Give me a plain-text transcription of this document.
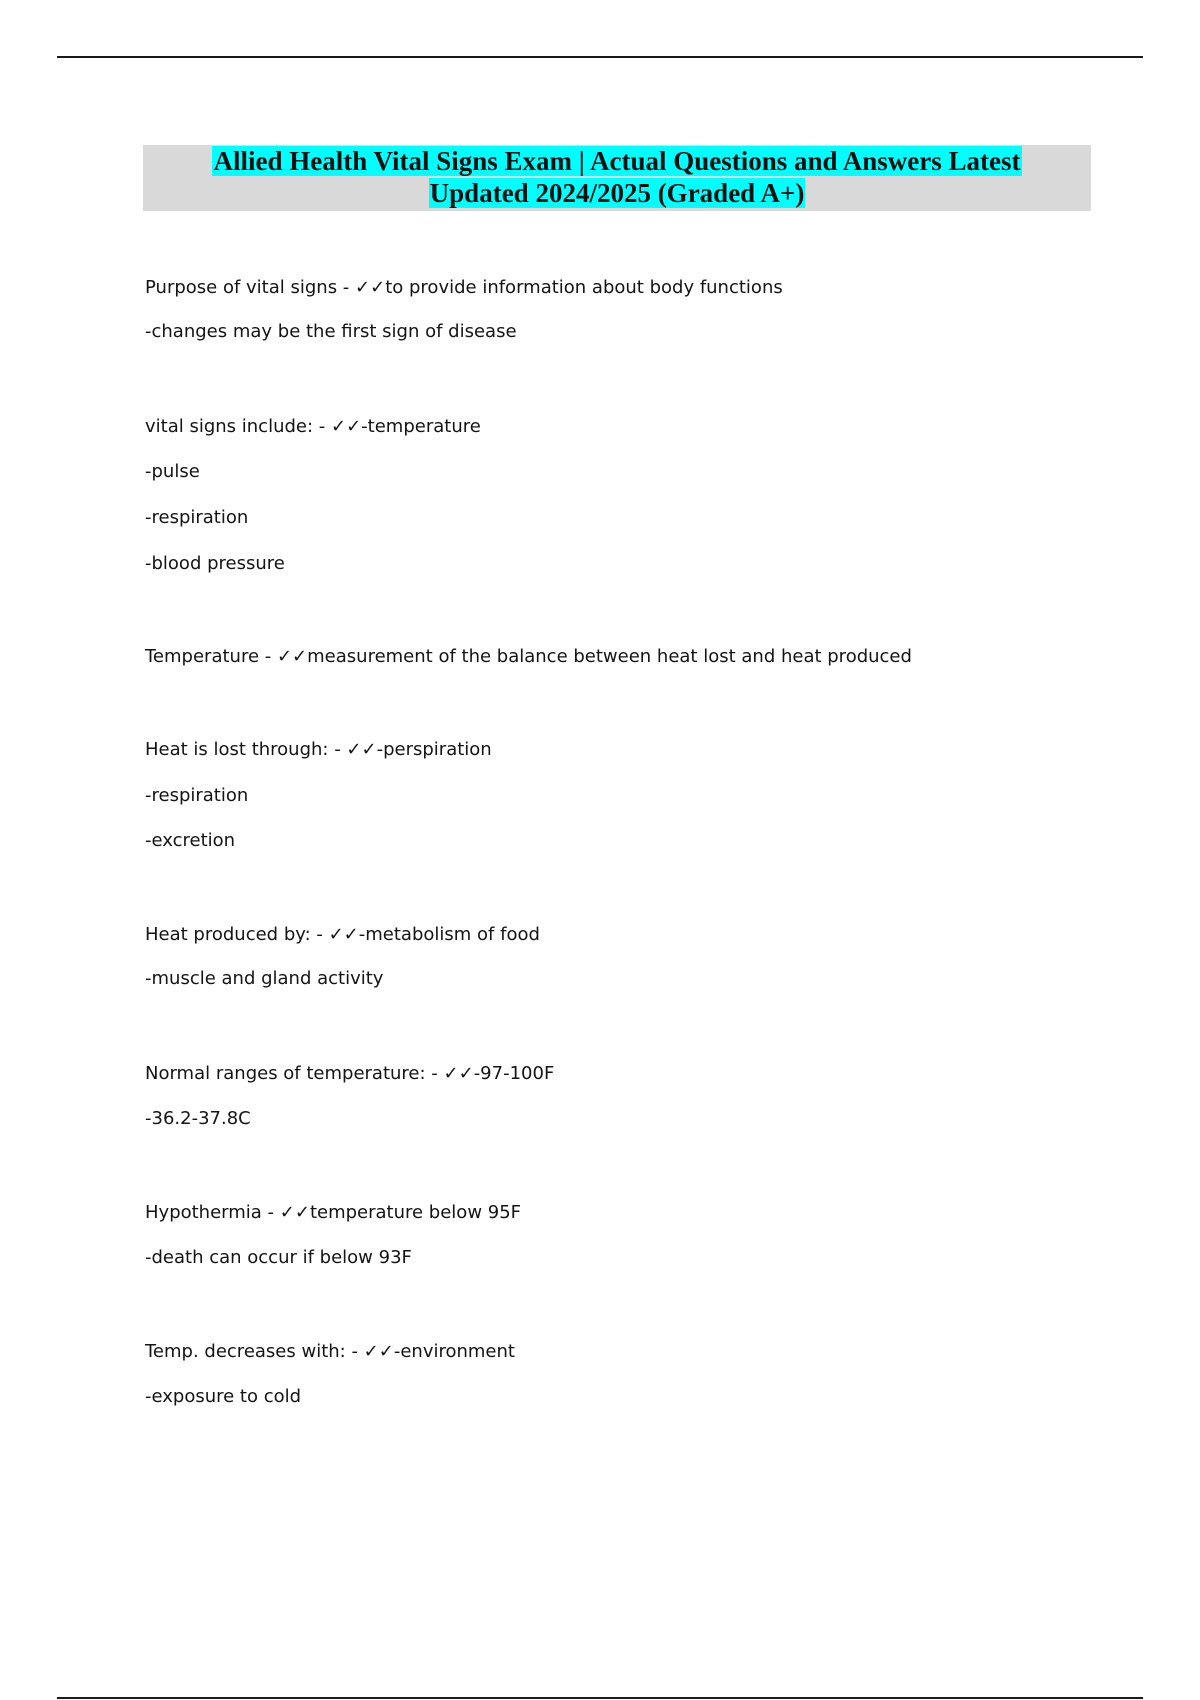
Allied Health Vital Signs Exam | Actual Questions and Answers Latest
Updated 2024/2025 (Graded A+)
Purpose of vital signs - ✓✓to provide information about body functions
-changes may be the first sign of disease
vital signs include: - ✓✓-temperature
-pulse
-respiration
-blood pressure
Temperature - ✓✓measurement of the balance between heat lost and heat produced
Heat is lost through: - ✓✓-perspiration
-respiration
-excretion
Heat produced by: - ✓✓-metabolism of food
-muscle and gland activity
Normal ranges of temperature: - ✓✓-97-100F
-36.2-37.8C
Hypothermia - ✓✓temperature below 95F
-death can occur if below 93F
Temp. decreases with: - ✓✓-environment
-exposure to cold
